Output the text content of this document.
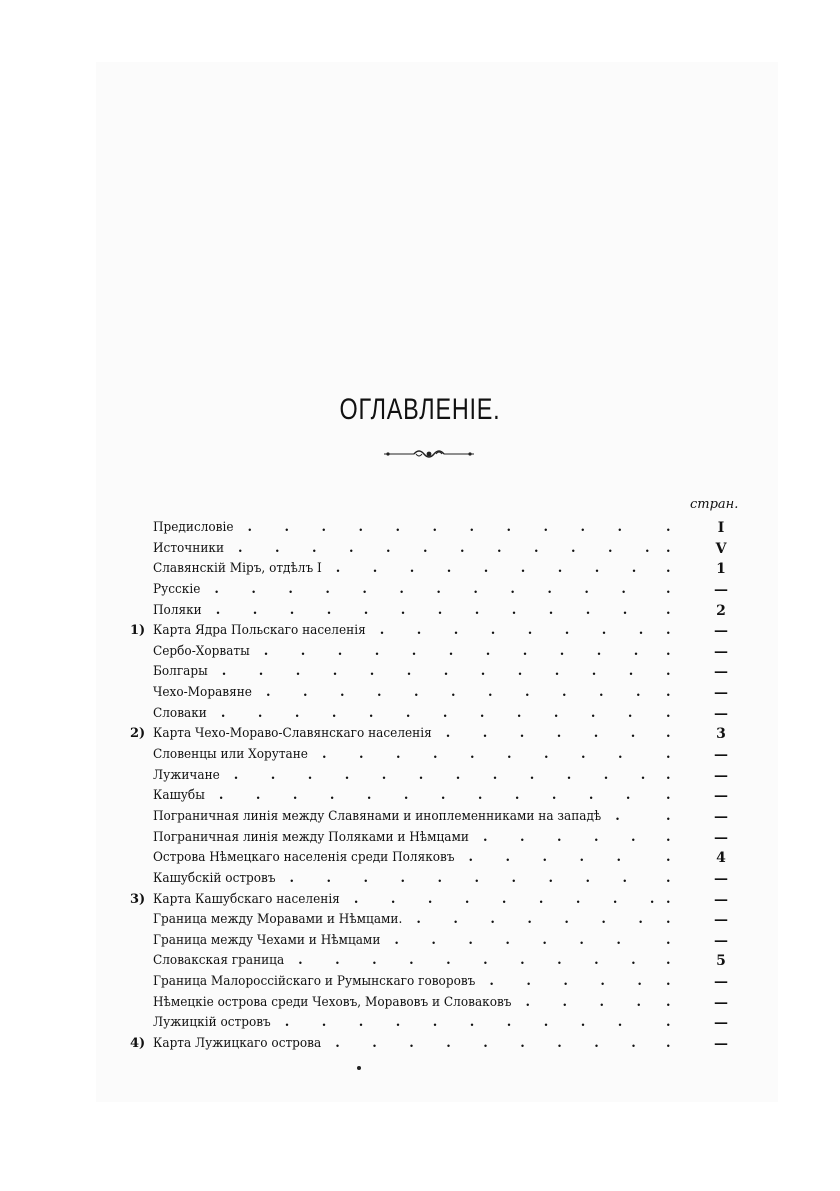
ОГЛАВЛЕНIЕ.
стран.
Предисловiе	.	I
. . . . . . . . . . .
Источники	.	V
. . . . . . . . . . . .
Славянскiй Мiръ, отдѣлъ I	.	1
. . . . . . . . .
Русскiе	.	—
. . . . . . . . . . . .
Поляки	.	2
. . . . . . . . . . . .
1) Карта Ядра Польскаго населенiя	.	—
. . . . . . . .
Сербо-Хорваты	.	—
. . . . . . . . . . .
Болгары	.	—
. . . . . . . . . . . .
Чехо-Моравяне	.	—
. . . . . . . . . . .
Словаки	.	—
. . . . . . . . . . . .
2) Карта Чехо-Моравo-Славянскаго населенiя	.	3
. . . . . .
Словенцы или Хорутане	.	—
. . . . . . . . .
Лужичане	.	—
. . . . . . . . . . . .
Кашубы	.	—
. . . . . . . . . . . .
Пограничная линiя между Славянами и иноплеменниками на западѣ	.	—
.
Пограничная линiя между Поляками и Нѣмцами	.	—
. . . . .
Острова Нѣмецкаго населенiя среди Поляковъ	.	4
. . . . .
Кашубскiй островъ	.	—
. . . . . . . . . .
3) Карта Кашубскаго населенiя	.	—
. . . . . . . . .
Граница между Моравами и Нѣмцами.	.	—
. . . . . . .
Граница между Чехами и Нѣмцами	.	—
. . . . . . .
Словакская граница	.	5
. . . . . . . . . .
Граница Малороссiйскаго и Румынскаго говоровъ	.	—
. . . . .
Нѣмецкiе острова среди Чеховъ, Моравовъ и Словаковъ	.	—
. . . .
Лужицкiй островъ	.	—
. . . . . . . . . .
4) Карта Лужицкаго острова	.	—
. . . . . . . . .
